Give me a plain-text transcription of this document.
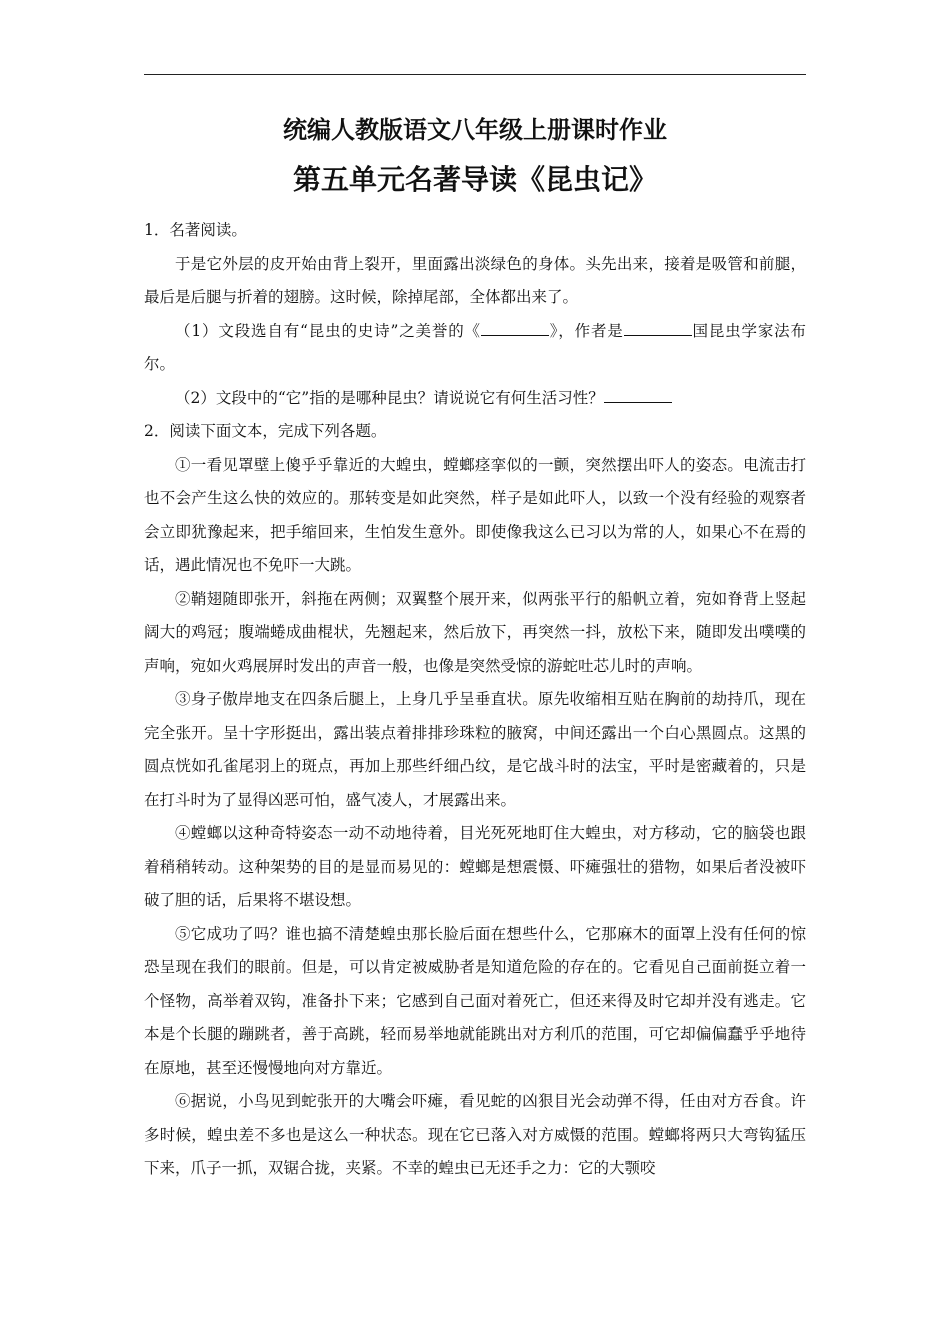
统编人教版语文八年级上册课时作业
第五单元名著导读《昆虫记》

1．名著阅读。

于是它外层的皮开始由背上裂开，里面露出淡绿色的身体。头先出来，接着是吸管和前腿，最后是后腿与折着的翅膀。这时候，除掉尾部，全体都出来了。

（1）文段选自有“昆虫的史诗”之美誉的《	》，作者是	国昆虫学家法布尔。

（2）文段中的“它”指的是哪种昆虫？请说说它有何生活习性？

2．阅读下面文本，完成下列各题。

①一看见罩壁上傻乎乎靠近的大蝗虫，螳螂痉挛似的一颤，突然摆出吓人的姿态。电流击打也不会产生这么快的效应的。那转变是如此突然，样子是如此吓人，以致一个没有经验的观察者会立即犹豫起来，把手缩回来，生怕发生意外。即使像我这么已习以为常的人，如果心不在焉的话，遇此情况也不免吓一大跳。

②鞘翅随即张开，斜拖在两侧；双翼整个展开来，似两张平行的船帆立着，宛如脊背上竖起阔大的鸡冠；腹端蜷成曲棍状，先翘起来，然后放下，再突然一抖，放松下来，随即发出噗噗的声响，宛如火鸡展屏时发出的声音一般，也像是突然受惊的游蛇吐芯儿时的声响。

③身子傲岸地支在四条后腿上，上身几乎呈垂直状。原先收缩相互贴在胸前的劫持爪，现在完全张开。呈十字形挺出，露出装点着排排珍珠粒的腋窝，中间还露出一个白心黑圆点。这黑的圆点恍如孔雀尾羽上的斑点，再加上那些纤细凸纹，是它战斗时的法宝，平时是密藏着的，只是在打斗时为了显得凶恶可怕，盛气凌人，才展露出来。

④螳螂以这种奇特姿态一动不动地待着，目光死死地盯住大蝗虫，对方移动，它的脑袋也跟着稍稍转动。这种架势的目的是显而易见的：螳螂是想震慑、吓瘫强壮的猎物，如果后者没被吓破了胆的话，后果将不堪设想。

⑤它成功了吗？谁也搞不清楚蝗虫那长脸后面在想些什么，它那麻木的面罩上没有任何的惊恐呈现在我们的眼前。但是，可以肯定被威胁者是知道危险的存在的。它看见自己面前挺立着一个怪物，高举着双钩，准备扑下来；它感到自己面对着死亡，但还来得及时它却并没有逃走。它本是个长腿的蹦跳者，善于高跳，轻而易举地就能跳出对方利爪的范围，可它却偏偏蠢乎乎地待在原地，甚至还慢慢地向对方靠近。

⑥据说，小鸟见到蛇张开的大嘴会吓瘫，看见蛇的凶狠目光会动弹不得，任由对方吞食。许多时候，蝗虫差不多也是这么一种状态。现在它已落入对方威慑的范围。螳螂将两只大弯钩猛压下来，爪子一抓，双锯合拢，夹紧。不幸的蝗虫已无还手之力：它的大颚咬
